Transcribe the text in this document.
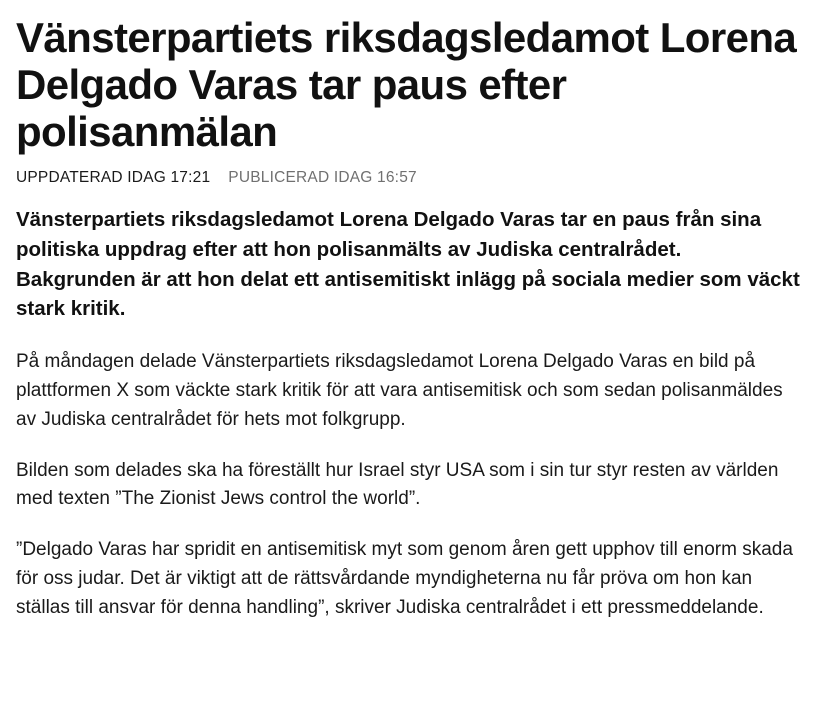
Vänsterpartiets riksdagsledamot Lorena Delgado Varas tar paus efter polisanmälan
UPPDATERAD IDAG 17:21 PUBLICERAD IDAG 16:57

Vänsterpartiets riksdagsledamot Lorena Delgado Varas tar en paus från sina politiska uppdrag efter att hon polisanmälts av Judiska centralrådet. Bakgrunden är att hon delat ett antisemitiskt inlägg på sociala medier som väckt stark kritik.

På måndagen delade Vänsterpartiets riksdagsledamot Lorena Delgado Varas en bild på plattformen X som väckte stark kritik för att vara antisemitisk och som sedan polisanmäldes av Judiska centralrådet för hets mot folkgrupp.

Bilden som delades ska ha föreställt hur Israel styr USA som i sin tur styr resten av världen med texten ”The Zionist Jews control the world”.

”Delgado Varas har spridit en antisemitisk myt som genom åren gett upphov till enorm skada för oss judar. Det är viktigt att de rättsvårdande myndigheterna nu får pröva om hon kan ställas till ansvar för denna handling”, skriver Judiska centralrådet i ett pressmeddelande.
